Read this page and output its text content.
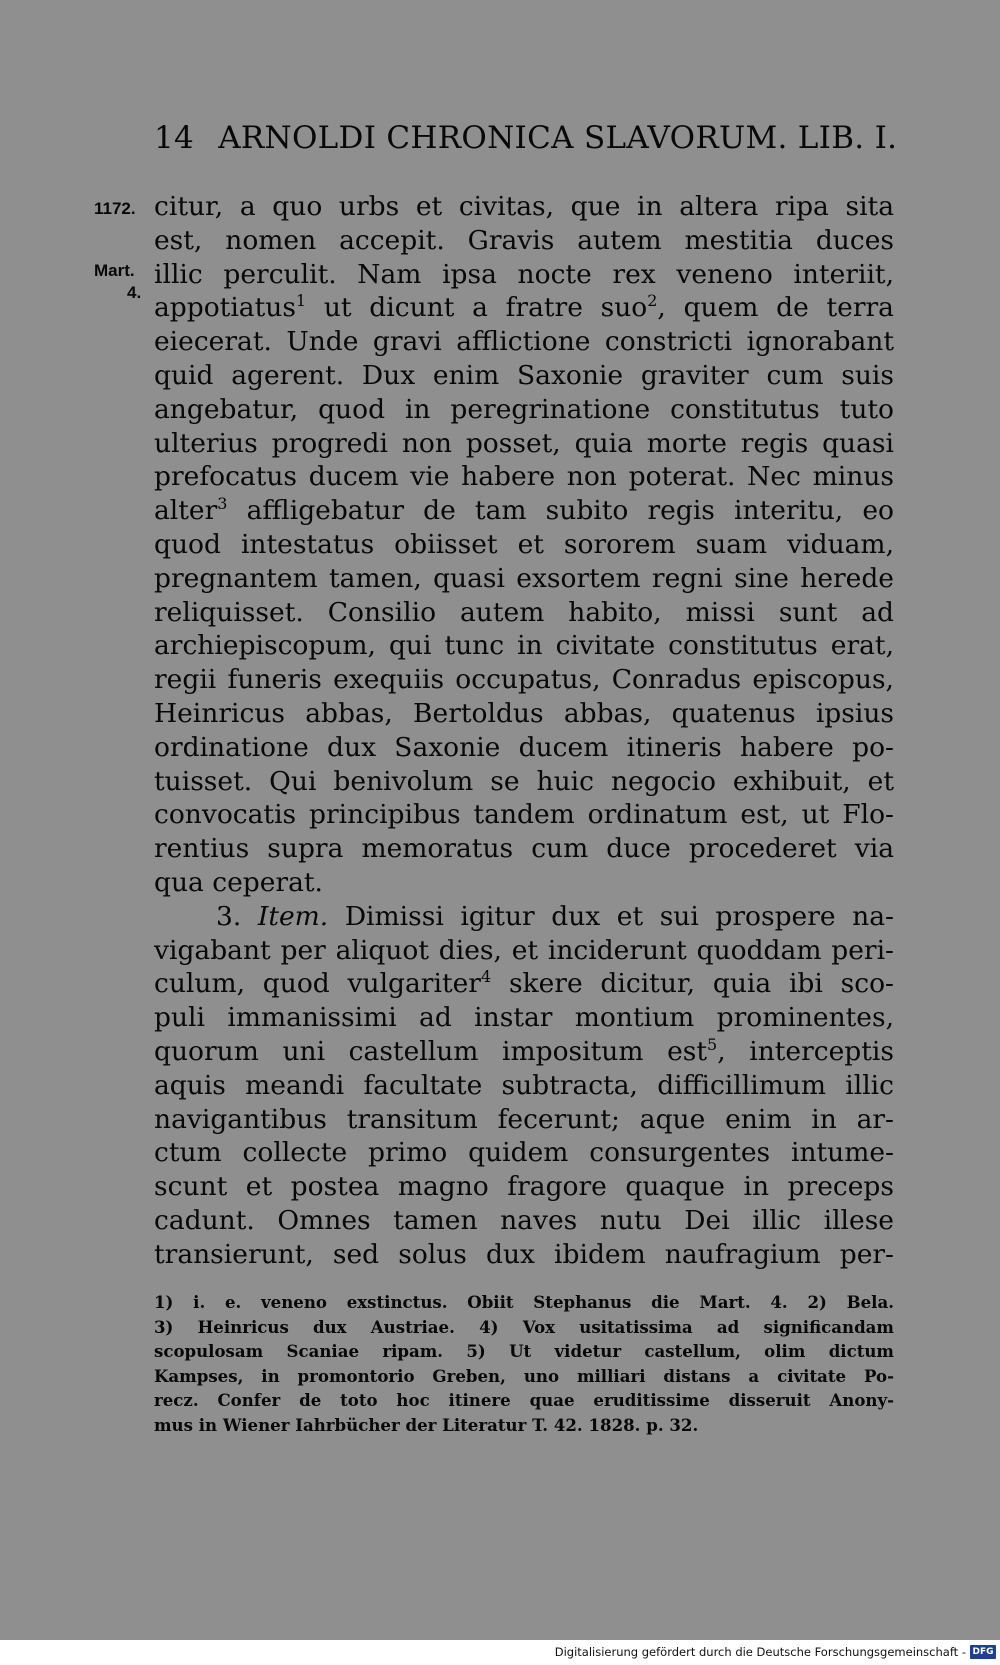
14 ARNOLDI CHRONICA SLAVORUM. LIB. I.
1172.
Mart.
4.
citur, a quo urbs et civitas, que in altera ripa sita
est, nomen accepit. Gravis autem mestitia duces
illic perculit. Nam ipsa nocte rex veneno interiit,
appotiatus$^1$ ut dicunt a fratre suo$^2$, quem de terra
eiecerat. Unde gravi afflictione constricti ignorabant
quid agerent. Dux enim Saxonie graviter cum suis
angebatur, quod in peregrinatione constitutus tuto
ulterius progredi non posset, quia morte regis quasi
prefocatus ducem vie habere non poterat. Nec minus
alter$^3$ affligebatur de tam subito regis interitu, eo
quod intestatus obiisset et sororem suam viduam,
pregnantem tamen, quasi exsortem regni sine herede
reliquisset. Consilio autem habito, missi sunt ad
archiepiscopum, qui tunc in civitate constitutus erat,
regii funeris exequiis occupatus, Conradus episcopus,
Heinricus abbas, Bertoldus abbas, quatenus ipsius
ordinatione dux Saxonie ducem itineris habere po-
tuisset. Qui benivolum se huic negocio exhibuit, et
convocatis principibus tandem ordinatum est, ut Flo-
rentius supra memoratus cum duce procederet via
qua ceperat.
3. Item. Dimissi igitur dux et sui prospere na-
vigabant per aliquot dies, et inciderunt quoddam peri-
culum, quod vulgariter$^4$ skere dicitur, quia ibi sco-
puli immanissimi ad instar montium prominentes,
quorum uni castellum impositum est$^5$, interceptis
aquis meandi facultate subtracta, difficillimum illic
navigantibus transitum fecerunt; aque enim in ar-
ctum collecte primo quidem consurgentes intume-
scunt et postea magno fragore quaque in preceps
cadunt. Omnes tamen naves nutu Dei illic illese
transierunt, sed solus dux ibidem naufragium per-
1) i. e. veneno exstinctus. Obiit Stephanus die Mart. 4. 2) Bela.
3) Heinricus dux Austriae. 4) Vox usitatissima ad significandam
scopulosam Scaniae ripam. 5) Ut videtur castellum, olim dictum
Kampses, in promontorio Greben, uno milliari distans a civitate Po-
recz. Confer de toto hoc itinere quae eruditissime disseruit Anony-
mus in Wiener Iahrbücher der Literatur T. 42. 1828. p. 32.
Digitalisierung gefördert durch die Deutsche Forschungsgemeinschaft - DFG
